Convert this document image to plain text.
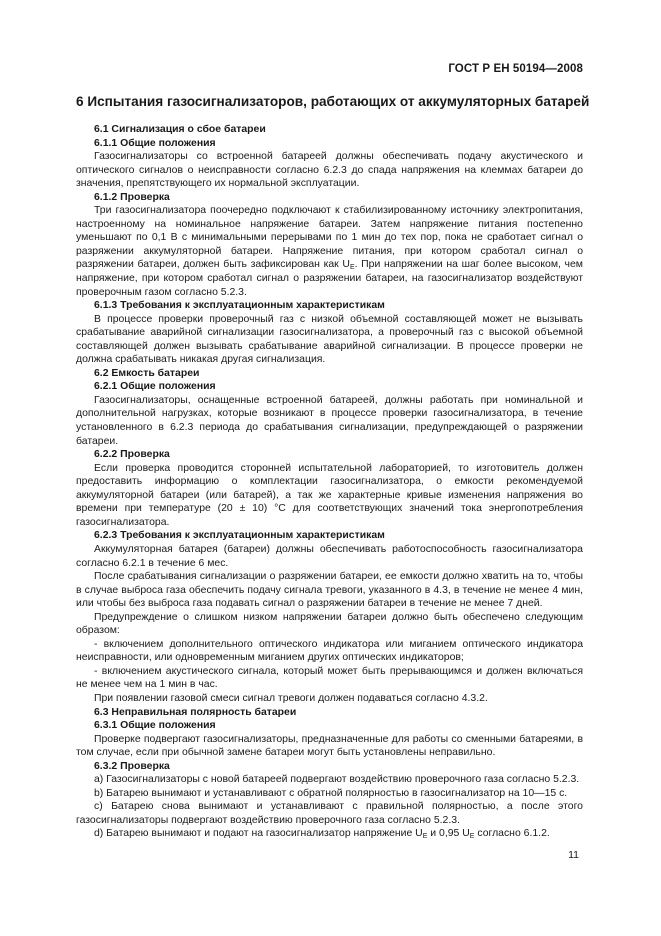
ГОСТ Р ЕН 50194—2008
6 Испытания газосигнализаторов, работающих от аккумуляторных батарей
6.1 Сигнализация о сбое батареи
6.1.1 Общие положения
Газосигнализаторы со встроенной батареей должны обеспечивать подачу акустического и оптического сигналов о неисправности согласно 6.2.3 до спада напряжения на клеммах батареи до значения, препятствующего их нормальной эксплуатации.
6.1.2 Проверка
Три газосигнализатора поочередно подключают к стабилизированному источнику электропитания, настроенному на номинальное напряжение батареи. Затем напряжение питания постепенно уменьшают по 0,1 В с минимальными перерывами по 1 мин до тех пор, пока не сработает сигнал о разряжении аккумуляторной батареи. Напряжение питания, при котором сработал сигнал о разряжении батареи, должен быть зафиксирован как $U_E$. При напряжении на шаг более высоком, чем напряжение, при котором сработал сигнал о разряжении батареи, на газосигнализатор воздействуют проверочным газом согласно 5.2.3.
6.1.3 Требования к эксплуатационным характеристикам
В процессе проверки проверочный газ с низкой объемной составляющей может не вызывать срабатывание аварийной сигнализации газосигнализатора, а проверочный газ с высокой объемной составляющей должен вызывать срабатывание аварийной сигнализации. В процессе проверки не должна срабатывать никакая другая сигнализация.
6.2 Емкость батареи
6.2.1 Общие положения
Газосигнализаторы, оснащенные встроенной батареей, должны работать при номинальной и дополнительной нагрузках, которые возникают в процессе проверки газосигнализатора, в течение установленного в 6.2.3 периода до срабатывания сигнализации, предупреждающей о разряжении батареи.
6.2.2 Проверка
Если проверка проводится сторонней испытательной лабораторией, то изготовитель должен предоставить информацию о комплектации газосигнализатора, о емкости рекомендуемой аккумуляторной батареи (или батарей), а так же характерные кривые изменения напряжения во времени при температуре (20 ± 10) °С для соответствующих значений тока энергопотребления газосигнализатора.
6.2.3 Требования к эксплуатационным характеристикам
Аккумуляторная батарея (батареи) должны обеспечивать работоспособность газосигнализатора согласно 6.2.1 в течение 6 мес.
После срабатывания сигнализации о разряжении батареи, ее емкости должно хватить на то, чтобы в случае выброса газа обеспечить подачу сигнала тревоги, указанного в 4.3, в течение не менее 4 мин, или чтобы без выброса газа подавать сигнал о разряжении батареи в течение не менее 7 дней.
Предупреждение о слишком низком напряжении батареи должно быть обеспечено следующим образом:
- включением дополнительного оптического индикатора или миганием оптического индикатора неисправности, или одновременным миганием других оптических индикаторов;
- включением акустического сигнала, который может быть прерывающимся и должен включаться не менее чем на 1 мин в час.
При появлении газовой смеси сигнал тревоги должен подаваться согласно 4.3.2.
6.3 Неправильная полярность батареи
6.3.1 Общие положения
Проверке подвергают газосигнализаторы, предназначенные для работы со сменными батареями, в том случае, если при обычной замене батареи могут быть установлены неправильно.
6.3.2 Проверка
a) Газосигнализаторы с новой батареей подвергают воздействию проверочного газа согласно 5.2.3.
b) Батарею вынимают и устанавливают с обратной полярностью в газосигнализатор на 10—15 с.
c) Батарею снова вынимают и устанавливают с правильной полярностью, а после этого газосигнализаторы подвергают воздействию проверочного газа согласно 5.2.3.
d) Батарею вынимают и подают на газосигнализатор напряжение $U_E$ и 0,95 $U_E$ согласно 6.1.2.
11
